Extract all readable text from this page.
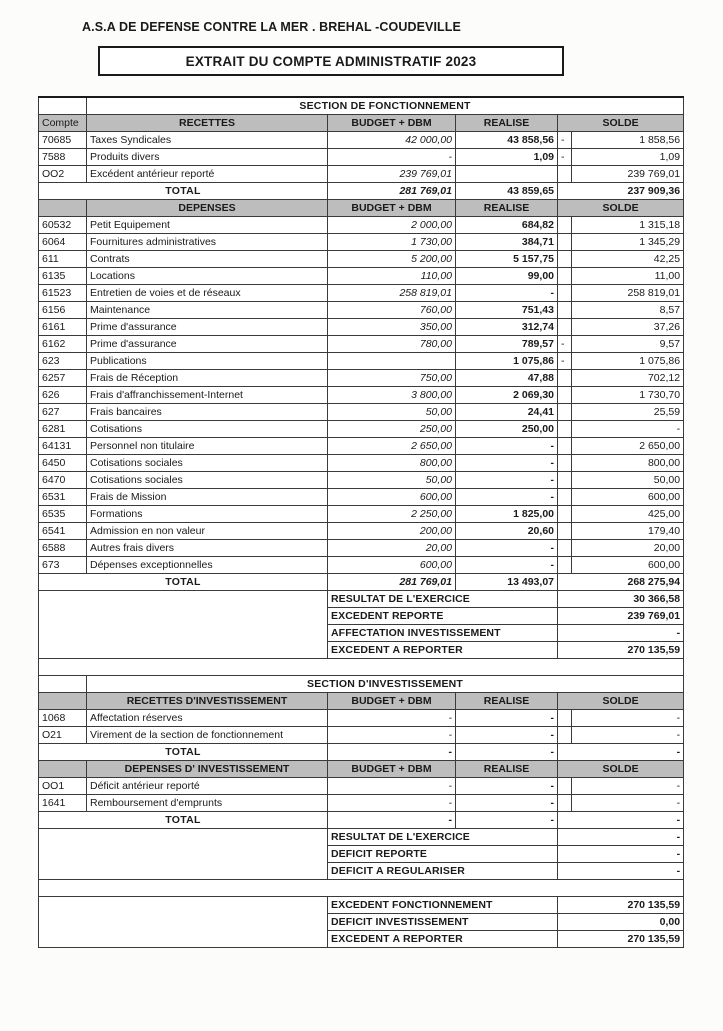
A.S.A DE DEFENSE CONTRE LA MER . BREHAL -COUDEVILLE
EXTRAIT DU COMPTE ADMINISTRATIF 2023
	SECTION DE FONCTIONNEMENT				
Compte	RECETTES	BUDGET + DBM	REALISE	SOLDE	
70685	Taxes Syndicales	42 000,00	43 858,56	-	1 858,56
7588	Produits divers	-	1,09	-	1,09
OO2	Excédent antérieur reporté	239 769,01			239 769,01
TOTAL		281 769,01	43 859,65	237 909,36	
	DEPENSES	BUDGET + DBM	REALISE	SOLDE	
60532	Petit Equipement	2 000,00	684,82		1 315,18
6064	Fournitures administratives	1 730,00	384,71		1 345,29
611	Contrats	5 200,00	5 157,75		42,25
6135	Locations	110,00	99,00		11,00
61523	Entretien de voies et de réseaux	258 819,01	-		258 819,01
6156	Maintenance	760,00	751,43		8,57
6161	Prime d'assurance	350,00	312,74		37,26
6162	Prime d'assurance	780,00	789,57	-	9,57
623	Publications		1 075,86	-	1 075,86
6257	Frais de Réception	750,00	47,88		702,12
626	Frais d'affranchissement-Internet	3 800,00	2 069,30		1 730,70
627	Frais bancaires	50,00	24,41		25,59
6281	Cotisations	250,00	250,00		-
64131	Personnel non titulaire	2 650,00	-		2 650,00
6450	Cotisations sociales	800,00	-		800,00
6470	Cotisations sociales	50,00	-		50,00
6531	Frais de Mission	600,00	-		600,00
6535	Formations	2 250,00	1 825,00		425,00
6541	Admission en non valeur	200,00	20,60		179,40
6588	Autres frais divers	20,00	-		20,00
673	Dépenses exceptionnelles	600,00	-		600,00
TOTAL		281 769,01	13 493,07	268 275,94	
		RESULTAT DE L'EXERCICE		30 366,58	
		EXCEDENT REPORTE		239 769,01	
		AFFECTATION INVESTISSEMENT		-	
		EXCEDENT A REPORTER		270 135,59	

	SECTION D'INVESTISSEMENT				
	RECETTES D'INVESTISSEMENT	BUDGET + DBM	REALISE	SOLDE	
1068	Affectation réserves	-	-		-
O21	Virement de la section de fonctionnement	-	-		-
TOTAL		-	-	-	
	DEPENSES D' INVESTISSEMENT	BUDGET + DBM	REALISE	SOLDE	
OO1	Déficit antérieur reporté	-	-		-
1641	Remboursement d'emprunts	-	-		-
TOTAL		-	-	-	
		RESULTAT DE L'EXERCICE		-	
		DEFICIT REPORTE		-	
		DEFICIT A REGULARISER		-	

		EXCEDENT FONCTIONNEMENT		270 135,59	
		DEFICIT INVESTISSEMENT		0,00	
		EXCEDENT A REPORTER		270 135,59	
